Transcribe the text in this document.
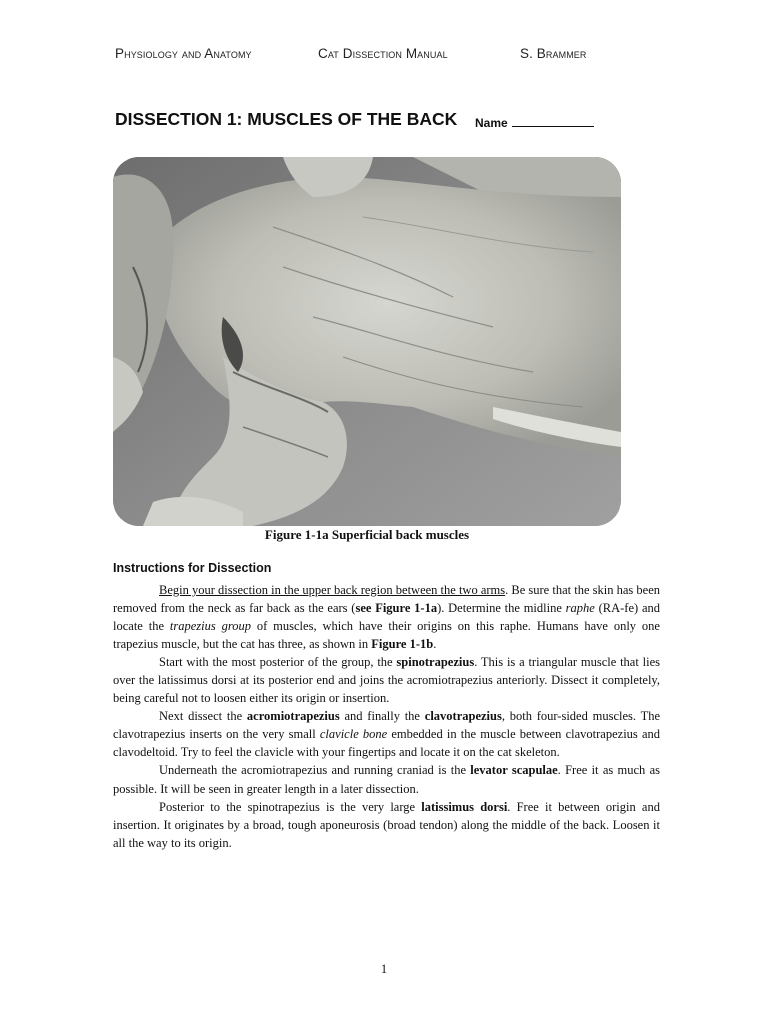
Physiology and Anatomy	Cat Dissection Manual	S. Brammer
DISSECTION 1: MUSCLES OF THE BACK Name
Figure 1-1a Superficial back muscles
Instructions for Dissection

Begin your dissection in the upper back region between the two arms. Be sure that the skin has been removed from the neck as far back as the ears (see Figure 1-1a). Determine the midline raphe (RA-fe) and locate the trapezius group of muscles, which have their origins on this raphe. Humans have only one trapezius muscle, but the cat has three, as shown in Figure 1-1b.

Start with the most posterior of the group, the spinotrapezius. This is a triangular muscle that lies over the latissimus dorsi at its posterior end and joins the acromiotrapezius anteriorly. Dissect it completely, being careful not to loosen either its origin or insertion.

Next dissect the acromiotrapezius and finally the clavotrapezius, both four-sided muscles. The clavotrapezius inserts on the very small clavicle bone embedded in the muscle between clavotrapezius and clavodeltoid. Try to feel the clavicle with your fingertips and locate it on the cat skeleton.

Underneath the acromiotrapezius and running craniad is the levator scapulae. Free it as much as possible. It will be seen in greater length in a later dissection.

Posterior to the spinotrapezius is the very large latissimus dorsi. Free it between origin and insertion. It originates by a broad, tough aponeurosis (broad tendon) along the middle of the back. Loosen it all the way to its origin.

1
